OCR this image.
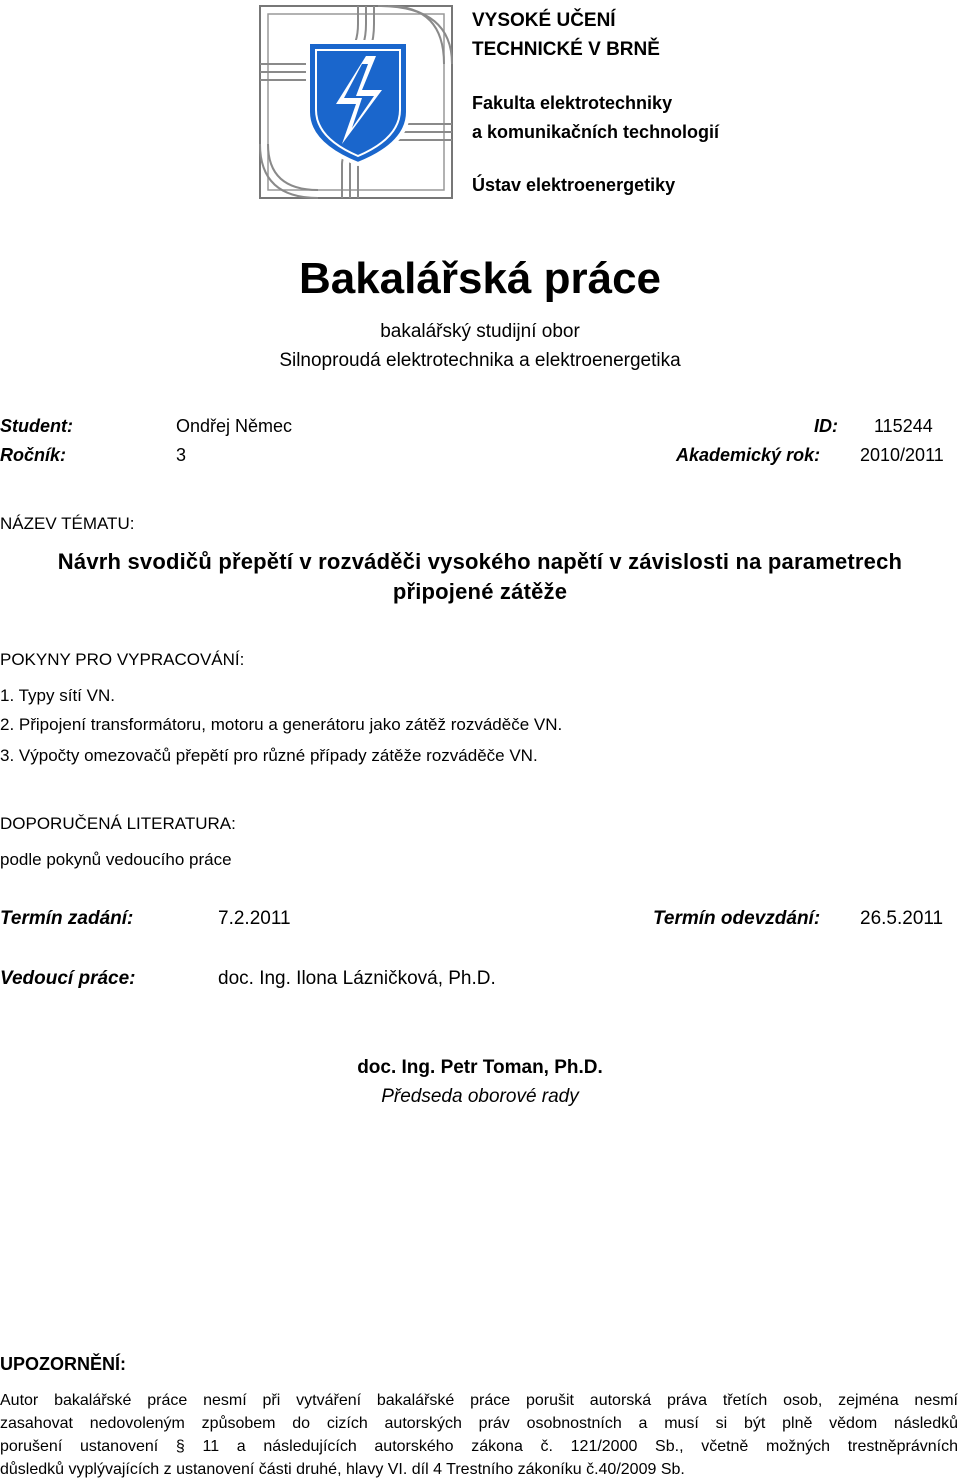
VYSOKÉ UČENÍ
TECHNICKÉ V BRNĚ
Fakulta elektrotechniky
a komunikačních technologií
Ústav elektroenergetiky
Bakalářská práce
bakalářský studijní obor
Silnoproudá elektrotechnika a elektroenergetika
Student:	Ondřej Němec	ID: 115244
Ročník:	3	Akademický rok: 2010/2011
NÁZEV TÉMATU:
Návrh svodičů přepětí v rozváděči vysokého napětí v závislosti na parametrech
připojené zátěže
POKYNY PRO VYPRACOVÁNÍ:
1. Typy sítí VN.
2. Připojení transformátoru, motoru a generátoru jako zátěž rozváděče VN.
3. Výpočty omezovačů přepětí pro různé případy zátěže rozváděče VN.
DOPORUČENÁ LITERATURA:
podle pokynů vedoucího práce
Termín zadání:	7.2.2011	Termín odevzdání: 26.5.2011
Vedoucí práce:	doc. Ing. Ilona Lázničková, Ph.D.
doc. Ing. Petr Toman, Ph.D.
Předseda oborové rady
UPOZORNĚNÍ:
Autor bakalářské práce nesmí při vytváření bakalářské práce porušit autorská práva třetích osob, zejména nesmí
zasahovat nedovoleným způsobem do cizích autorských práv osobnostních a musí si být plně vědom následků
porušení ustanovení § 11 a následujících autorského zákona č. 121/2000 Sb., včetně možných trestněprávních
důsledků vyplývajících z ustanovení části druhé, hlavy VI. díl 4 Trestního zákoníku č.40/2009 Sb.
